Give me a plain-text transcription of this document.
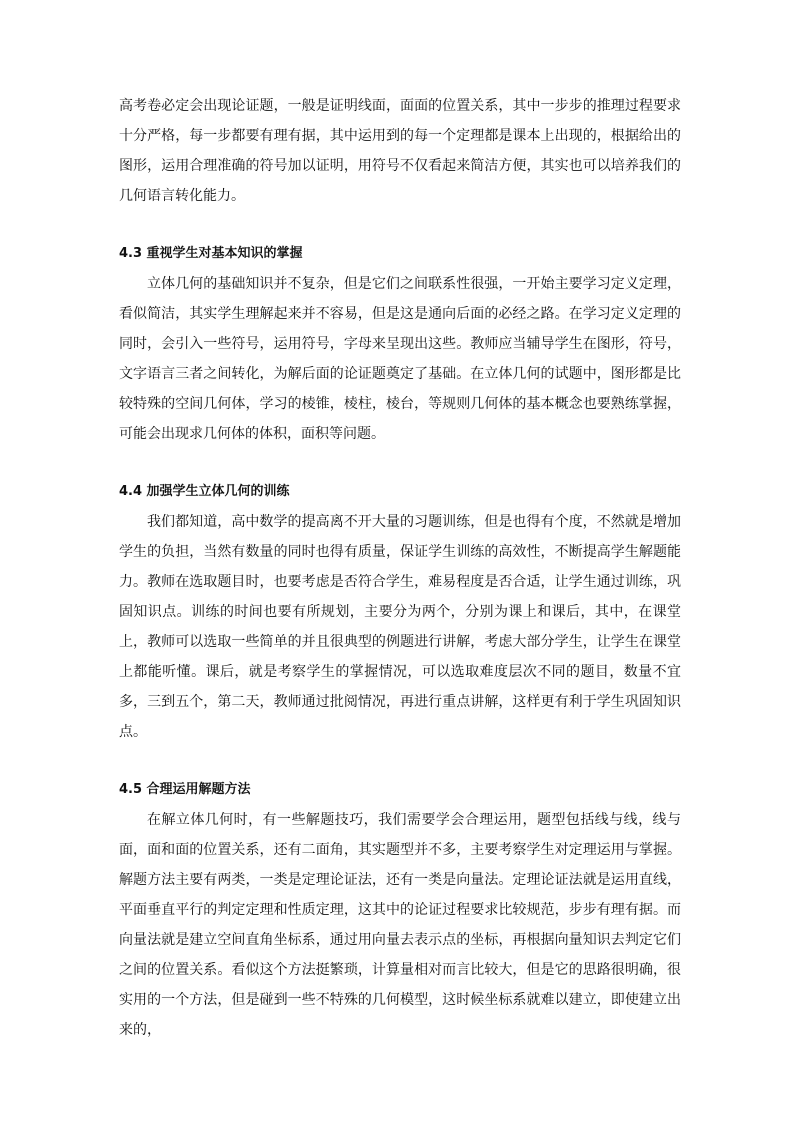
高考卷必定会出现论证题，一般是证明线面，面面的位置关系，其中一步步的推理过程要求十分严格，每一步都要有理有据，其中运用到的每一个定理都是课本上出现的，根据给出的图形，运用合理准确的符号加以证明，用符号不仅看起来简洁方便，其实也可以培养我们的几何语言转化能力。

4.3 重视学生对基本知识的掌握

立体几何的基础知识并不复杂，但是它们之间联系性很强，一开始主要学习定义定理，看似简洁，其实学生理解起来并不容易，但是这是通向后面的必经之路。在学习定义定理的同时，会引入一些符号，运用符号，字母来呈现出这些。教师应当辅导学生在图形，符号，文字语言三者之间转化，为解后面的论证题奠定了基础。在立体几何的试题中，图形都是比较特殊的空间几何体，学习的棱锥，棱柱，棱台，等规则几何体的基本概念也要熟练掌握，可能会出现求几何体的体积，面积等问题。

4.4 加强学生立体几何的训练

我们都知道，高中数学的提高离不开大量的习题训练，但是也得有个度，不然就是增加学生的负担，当然有数量的同时也得有质量，保证学生训练的高效性，不断提高学生解题能力。教师在选取题目时，也要考虑是否符合学生，难易程度是否合适，让学生通过训练，巩固知识点。训练的时间也要有所规划，主要分为两个，分别为课上和课后，其中，在课堂上，教师可以选取一些简单的并且很典型的例题进行讲解，考虑大部分学生，让学生在课堂上都能听懂。课后，就是考察学生的掌握情况，可以选取难度层次不同的题目，数量不宜多，三到五个，第二天，教师通过批阅情况，再进行重点讲解，这样更有利于学生巩固知识点。

4.5 合理运用解题方法

在解立体几何时，有一些解题技巧，我们需要学会合理运用，题型包括线与线，线与面，面和面的位置关系，还有二面角，其实题型并不多，主要考察学生对定理运用与掌握。解题方法主要有两类，一类是定理论证法，还有一类是向量法。定理论证法就是运用直线，平面垂直平行的判定定理和性质定理，这其中的论证过程要求比较规范，步步有理有据。而向量法就是建立空间直角坐标系，通过用向量去表示点的坐标，再根据向量知识去判定它们之间的位置关系。看似这个方法挺繁琐，计算量相对而言比较大，但是它的思路很明确，很实用的一个方法，但是碰到一些不特殊的几何模型，这时候坐标系就难以建立，即使建立出来的，
